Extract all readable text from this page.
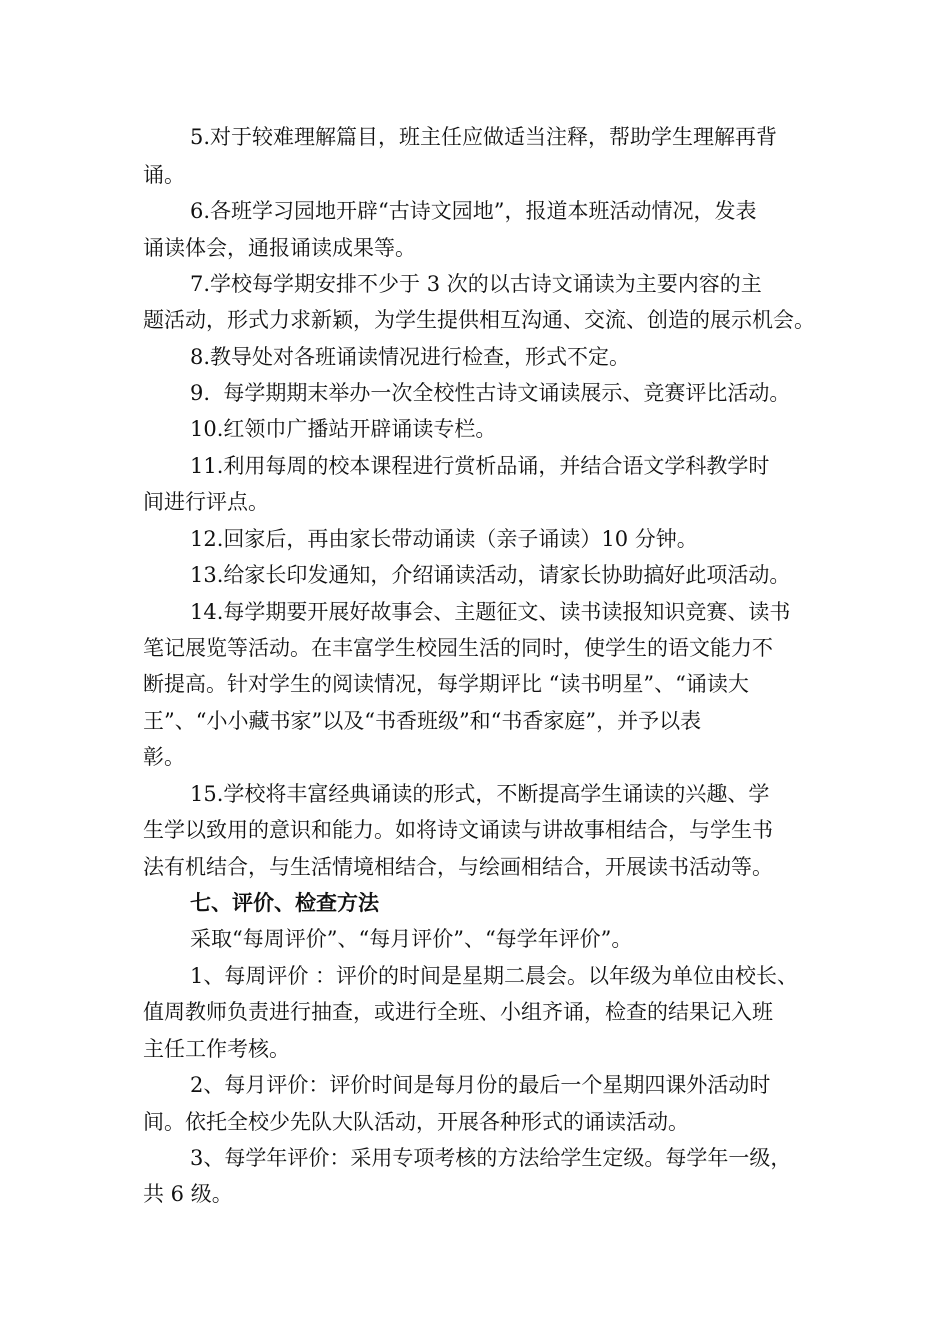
5.对于较难理解篇目，班主任应做适当注释，帮助学生理解再背
诵。
6.各班学习园地开辟“古诗文园地”，报道本班活动情况，发表
诵读体会，通报诵读成果等。
7.学校每学期安排不少于 3 次的以古诗文诵读为主要内容的主
题活动，形式力求新颖，为学生提供相互沟通、交流、创造的展示机会。
8.教导处对各班诵读情况进行检查，形式不定。
9.  每学期期末举办一次全校性古诗文诵读展示、竞赛评比活动。
10.红领巾广播站开辟诵读专栏。
11.利用每周的校本课程进行赏析品诵，并结合语文学科教学时
间进行评点。
12.回家后，再由家长带动诵读（亲子诵读）10 分钟。
13.给家长印发通知，介绍诵读活动，请家长协助搞好此项活动。
14.每学期要开展好故事会、主题征文、读书读报知识竞赛、读书
笔记展览等活动。在丰富学生校园生活的同时，使学生的语文能力不
断提高。针对学生的阅读情况，每学期评比 “读书明星”、“诵读大
王”、“小小藏书家”以及“书香班级”和“书香家庭”，并予以表
彰。
15.学校将丰富经典诵读的形式，不断提高学生诵读的兴趣、学
生学以致用的意识和能力。如将诗文诵读与讲故事相结合，与学生书
法有机结合，与生活情境相结合，与绘画相结合，开展读书活动等。
七、评价、检查方法
采取“每周评价”、“每月评价”、“每学年评价”。
1、每周评价 ：评价的时间是星期二晨会。以年级为单位由校长、
值周教师负责进行抽查，或进行全班、小组齐诵，检查的结果记入班
主任工作考核。
2、每月评价：评价时间是每月份的最后一个星期四课外活动时
间。依托全校少先队大队活动，开展各种形式的诵读活动。
3、每学年评价：采用专项考核的方法给学生定级。每学年一级，
共 6 级。
